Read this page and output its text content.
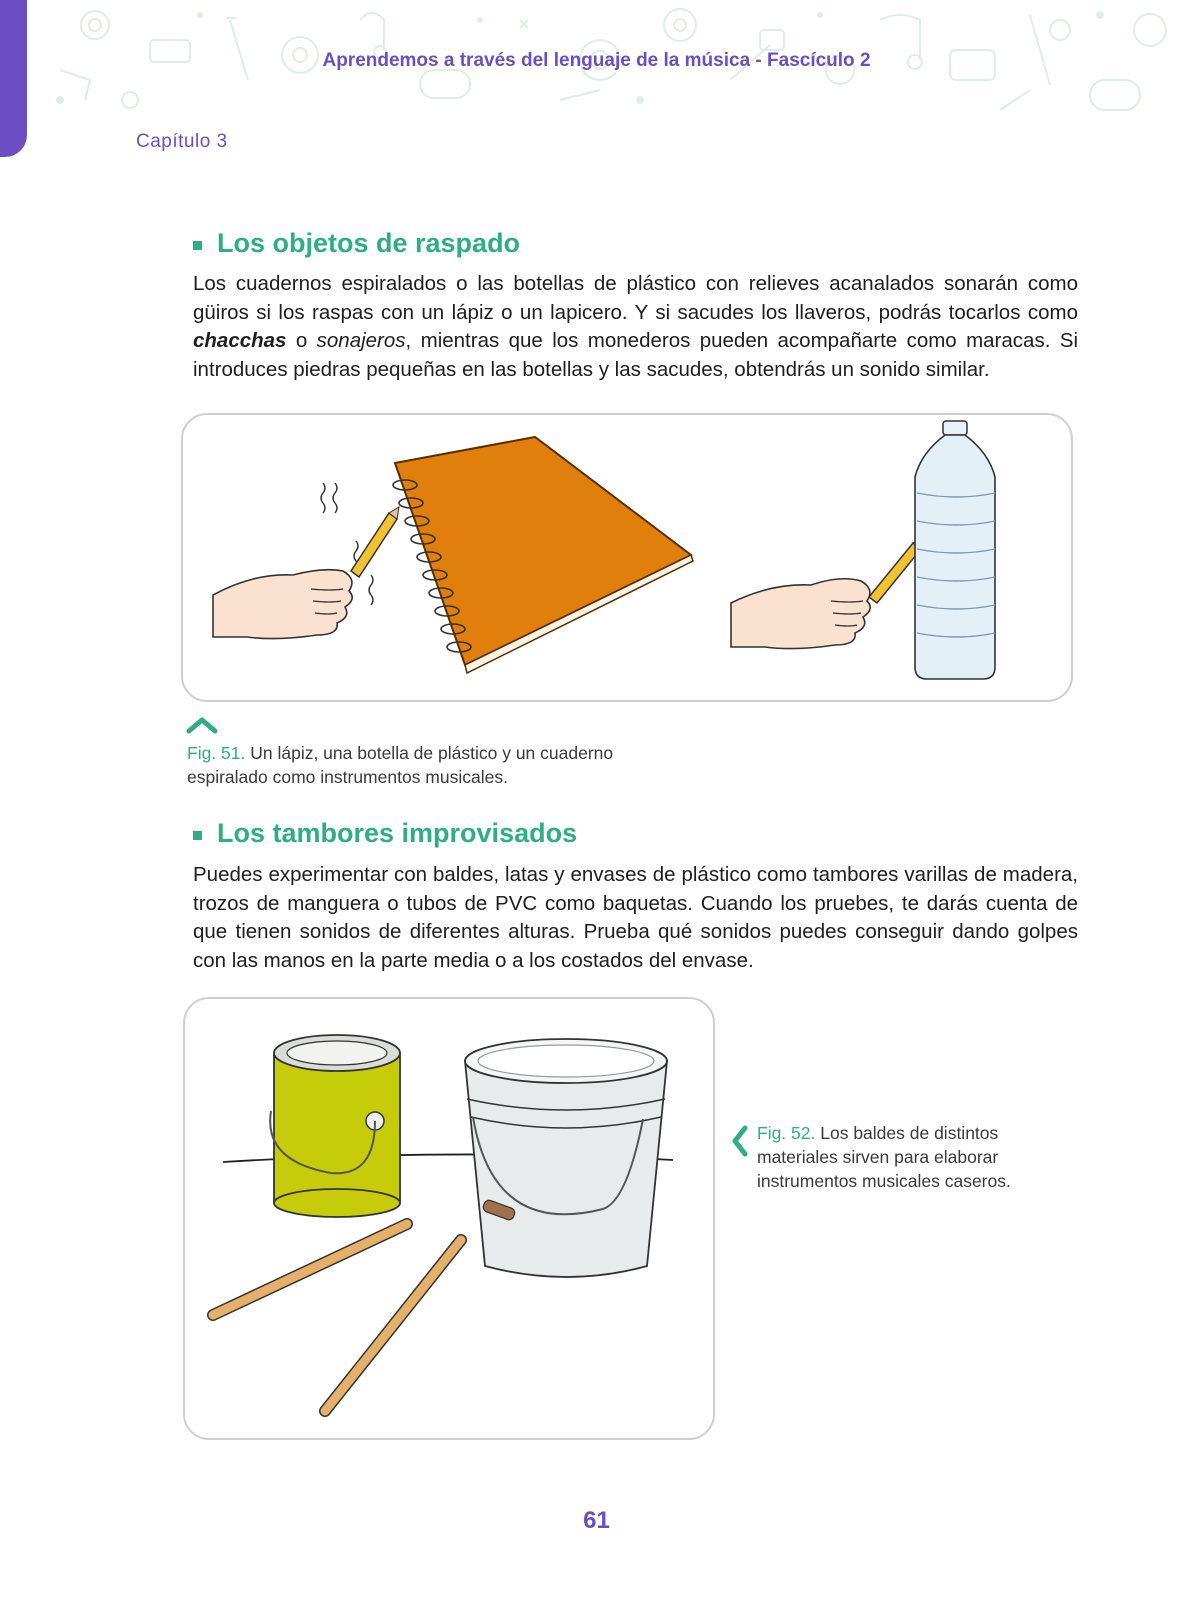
Aprendemos a través del lenguaje de la música - Fascículo 2
Capítulo 3
Los objetos de raspado
Los cuadernos espiralados o las botellas de plástico con relieves acanalados sonarán como güiros si los raspas con un lápiz o un lapicero. Y si sacudes los llaveros, podrás tocarlos como chacchas o sonajeros, mientras que los monederos pueden acompañarte como maracas. Si introduces piedras pequeñas en las botellas y las sacudes, obtendrás un sonido similar.
Fig. 51. Un lápiz, una botella de plástico y un cuaderno espiralado como instrumentos musicales.
Los tambores improvisados
Puedes experimentar con baldes, latas y envases de plástico como tambores varillas de madera, trozos de manguera o tubos de PVC como baquetas. Cuando los pruebes, te darás cuenta de que tienen sonidos de diferentes alturas. Prueba qué sonidos puedes conseguir dando golpes con las manos en la parte media o a los costados del envase.
Fig. 52. Los baldes de distintos materiales sirven para elaborar instrumentos musicales caseros.
61
